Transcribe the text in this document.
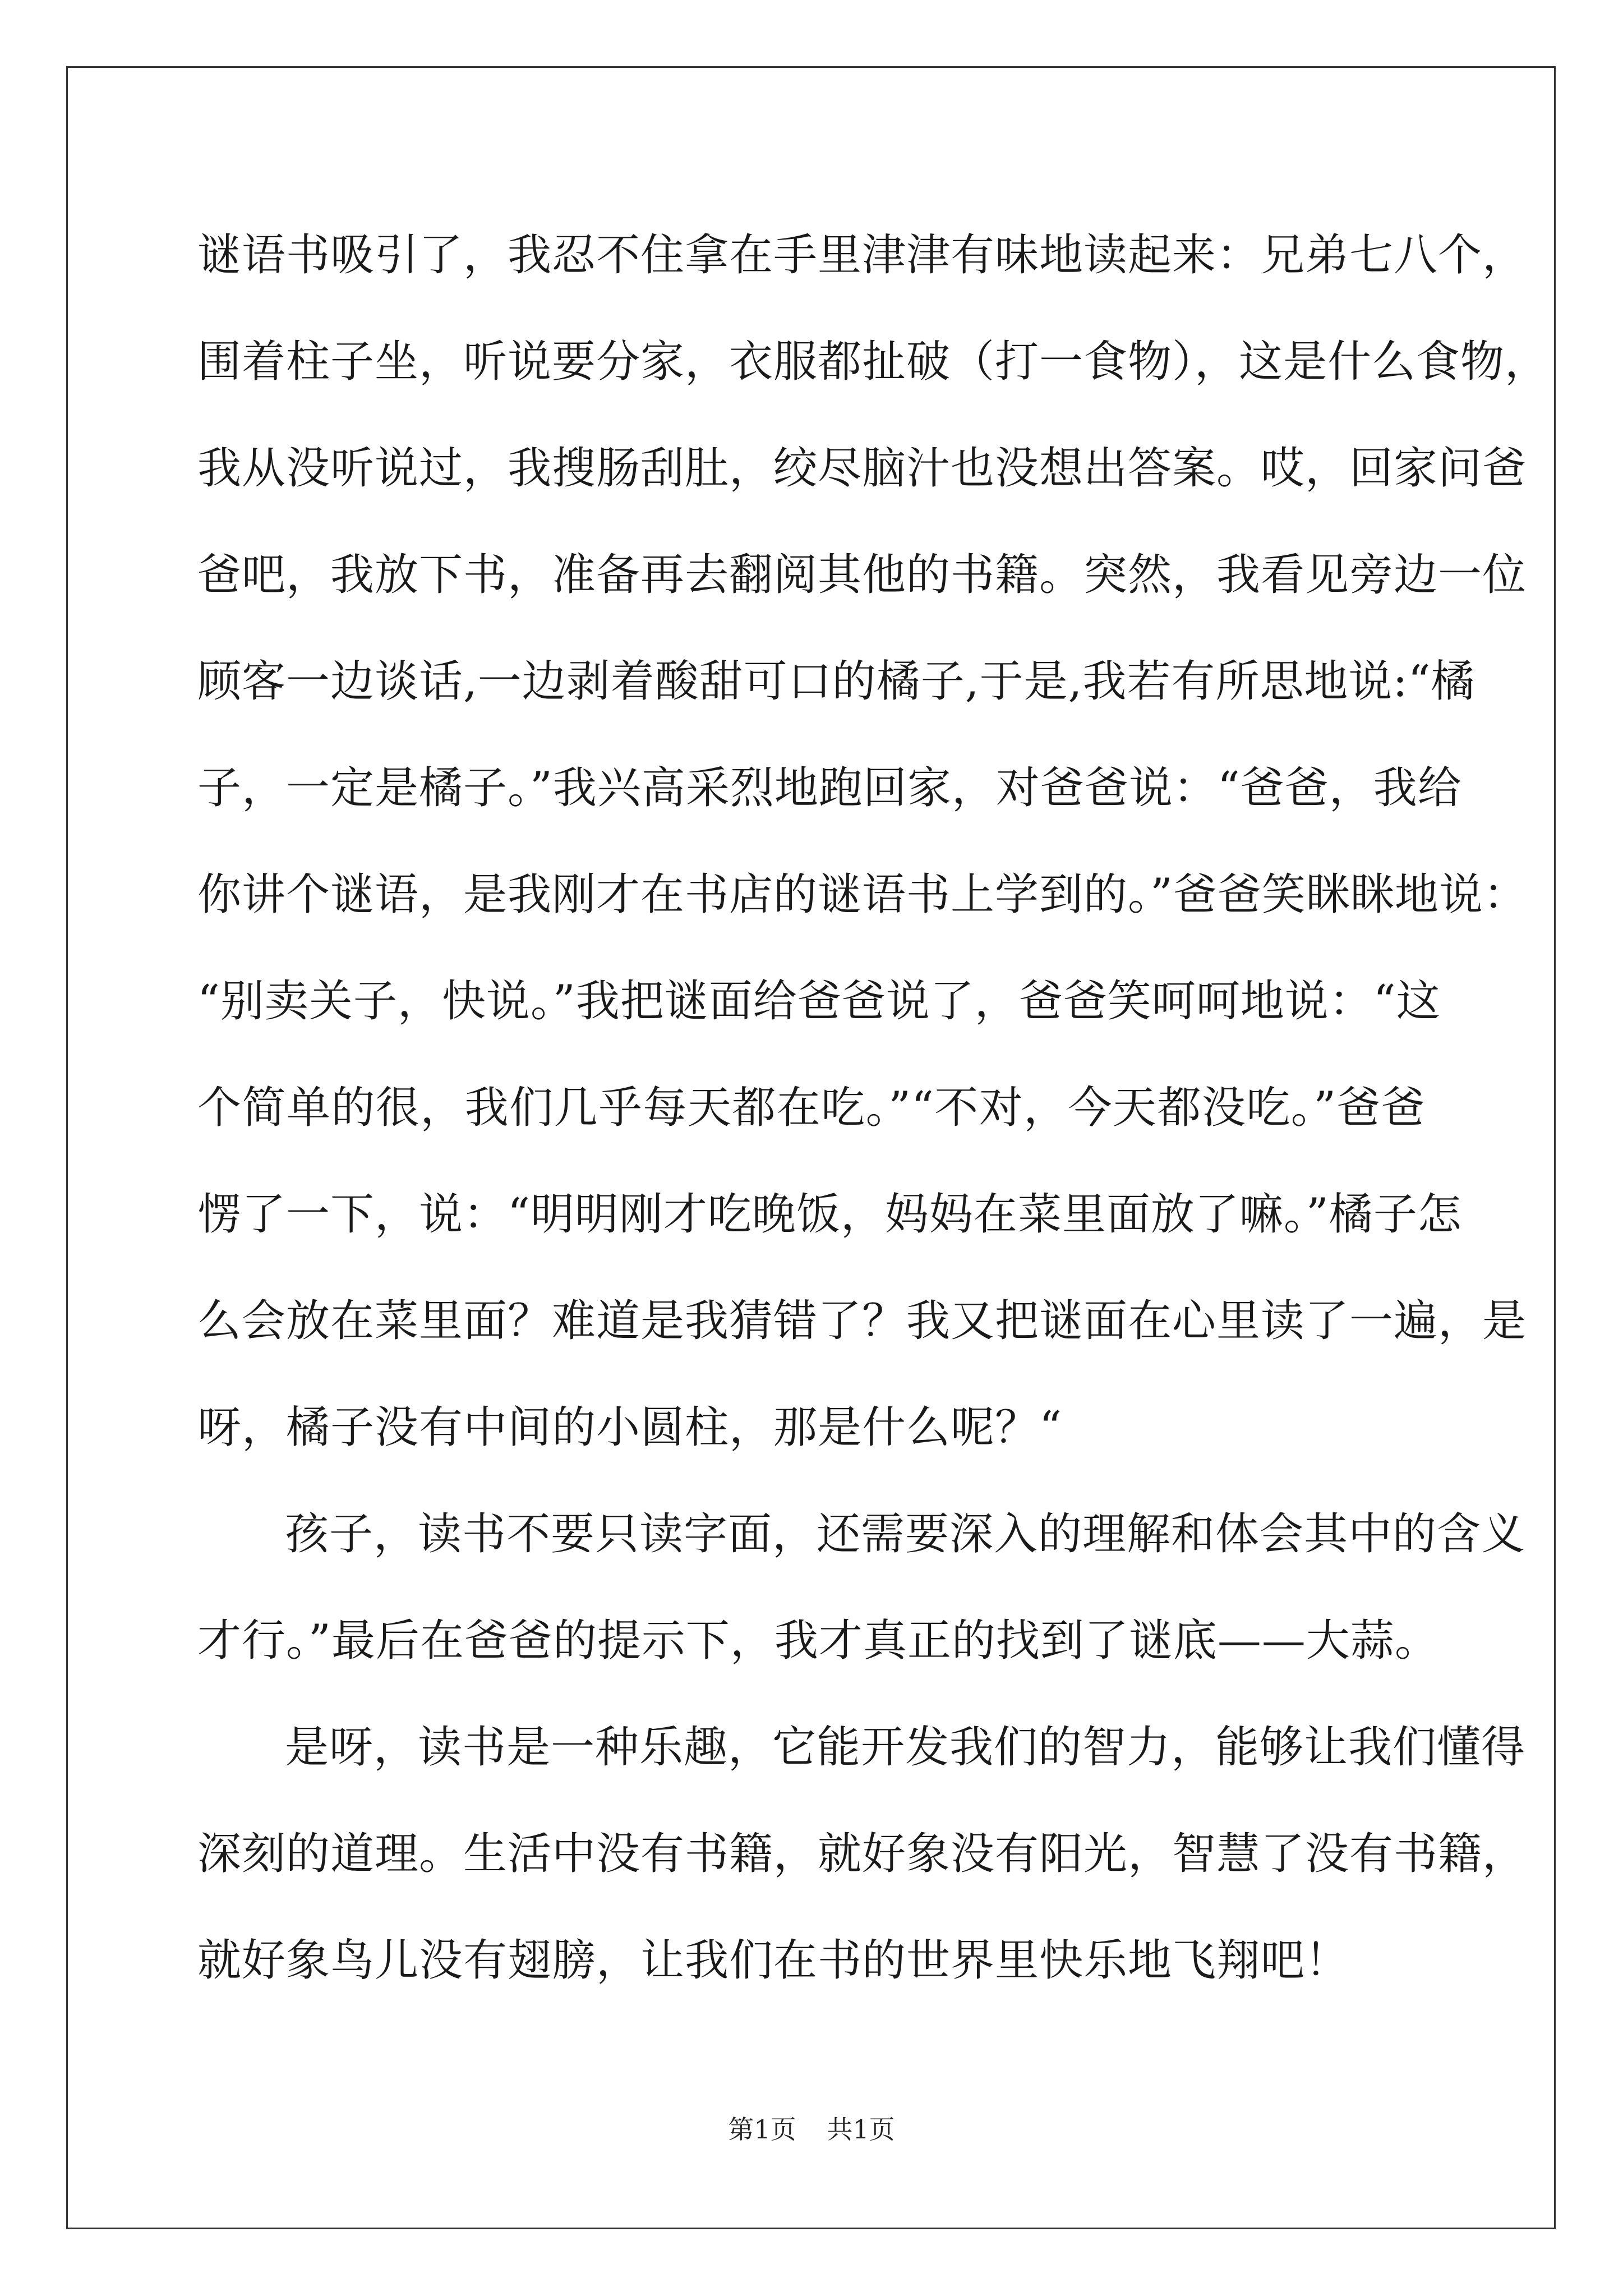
谜语书吸引了，我忍不住拿在手里津津有味地读起来：兄弟七八个，
围着柱子坐，听说要分家，衣服都扯破（打一食物），这是什么食物，
我从没听说过，我搜肠刮肚，绞尽脑汁也没想出答案。哎，回家问爸
爸吧，我放下书，准备再去翻阅其他的书籍。突然，我看见旁边一位
顾客一边谈话,一边剥着酸甜可口的橘子,于是,我若有所思地说:“橘
子，一定是橘子。”我兴高采烈地跑回家，对爸爸说：“爸爸，我给
你讲个谜语，是我刚才在书店的谜语书上学到的。”爸爸笑眯眯地说：
“别卖关子，快说。”我把谜面给爸爸说了，爸爸笑呵呵地说：“这
个简单的很，我们几乎每天都在吃。”“不对，今天都没吃。”爸爸
愣了一下，说：“明明刚才吃晚饭，妈妈在菜里面放了嘛。”橘子怎
么会放在菜里面？难道是我猜错了？我又把谜面在心里读了一遍，是
呀，橘子没有中间的小圆柱，那是什么呢？“
孩子，读书不要只读字面，还需要深入的理解和体会其中的含义
才行。”最后在爸爸的提示下，我才真正的找到了谜底——大蒜。
是呀，读书是一种乐趣，它能开发我们的智力，能够让我们懂得
深刻的道理。生活中没有书籍，就好象没有阳光，智慧了没有书籍，
就好象鸟儿没有翅膀，让我们在书的世界里快乐地飞翔吧！
第1页 共1页
